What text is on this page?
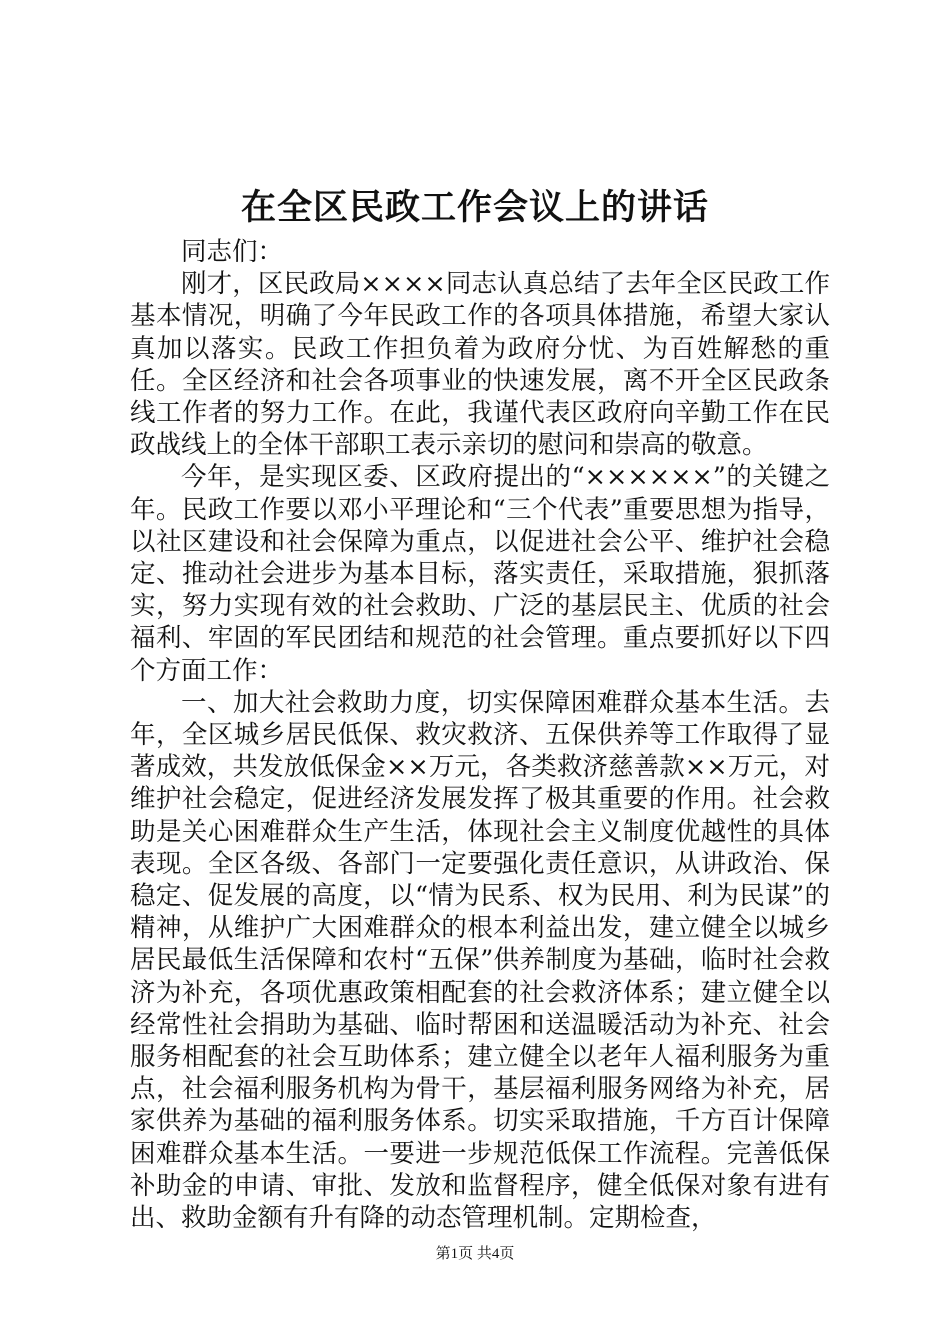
在全区民政工作会议上的讲话

同志们：

刚才，区民政局××××同志认真总结了去年全区民政工作基本情况，明确了今年民政工作的各项具体措施，希望大家认真加以落实。民政工作担负着为政府分忧、为百姓解愁的重任。全区经济和社会各项事业的快速发展，离不开全区民政条线工作者的努力工作。在此，我谨代表区政府向辛勤工作在民政战线上的全体干部职工表示亲切的慰问和崇高的敬意。

今年，是实现区委、区政府提出的“××××××”的关键之年。民政工作要以邓小平理论和“三个代表”重要思想为指导，以社区建设和社会保障为重点，以促进社会公平、维护社会稳定、推动社会进步为基本目标，落实责任，采取措施，狠抓落实，努力实现有效的社会救助、广泛的基层民主、优质的社会福利、牢固的军民团结和规范的社会管理。重点要抓好以下四个方面工作：

一、加大社会救助力度，切实保障困难群众基本生活。去年，全区城乡居民低保、救灾救济、五保供养等工作取得了显著成效，共发放低保金××万元，各类救济慈善款××万元，对维护社会稳定，促进经济发展发挥了极其重要的作用。社会救助是关心困难群众生产生活，体现社会主义制度优越性的具体表现。全区各级、各部门一定要强化责任意识，从讲政治、保稳定、促发展的高度，以“情为民系、权为民用、利为民谋”的精神，从维护广大困难群众的根本利益出发，建立健全以城乡居民最低生活保障和农村“五保”供养制度为基础，临时社会救济为补充，各项优惠政策相配套的社会救济体系；建立健全以经常性社会捐助为基础、临时帮困和送温暖活动为补充、社会服务相配套的社会互助体系；建立健全以老年人福利服务为重点，社会福利服务机构为骨干，基层福利服务网络为补充，居家供养为基础的福利服务体系。切实采取措施，千方百计保障困难群众基本生活。一要进一步规范低保工作流程。完善低保补助金的申请、审批、发放和监督程序，健全低保对象有进有出、救助金额有升有降的动态管理机制。定期检查，

第1页 共4页
